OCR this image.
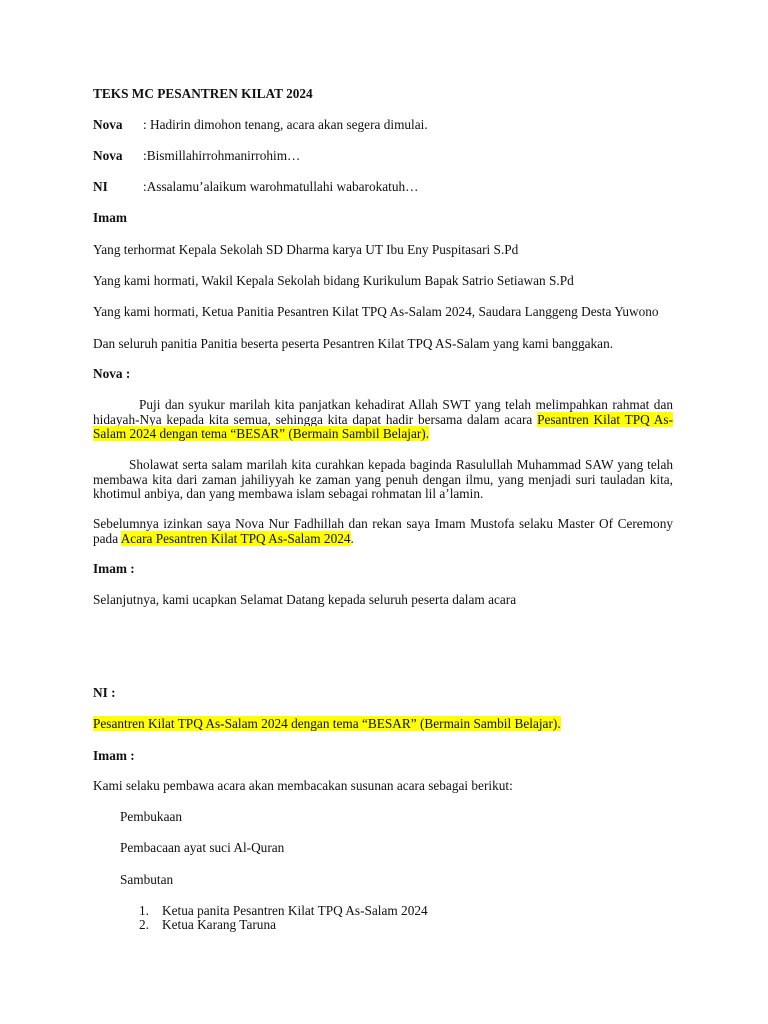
TEKS MC PESANTREN KILAT 2024
Nova : Hadirin dimohon tenang, acara akan segera dimulai.
Nova :Bismillahirrohmanirrohim…
NI	:Assalamu’alaikum warohmatullahi wabarokatuh…
Imam
Yang terhormat Kepala Sekolah SD Dharma karya UT Ibu Eny Puspitasari S.Pd
Yang kami hormati, Wakil Kepala Sekolah bidang Kurikulum Bapak Satrio Setiawan S.Pd
Yang kami hormati, Ketua Panitia Pesantren Kilat TPQ As-Salam 2024, Saudara Langgeng Desta Yuwono
Dan seluruh panitia Panitia beserta peserta Pesantren Kilat TPQ AS-Salam yang kami banggakan.
Nova :
Puji dan syukur marilah kita panjatkan kehadirat Allah SWT yang telah melimpahkan rahmat dan hidayah-Nya kepada kita semua, sehingga kita dapat hadir bersama dalam acara Pesantren Kilat TPQ As-Salam 2024 dengan tema “BESAR” (Bermain Sambil Belajar).
Sholawat serta salam marilah kita curahkan kepada baginda Rasulullah Muhammad SAW yang telah membawa kita dari zaman jahiliyyah ke zaman yang penuh dengan ilmu, yang menjadi suri tauladan kita, khotimul anbiya, dan yang membawa islam sebagai rohmatan lil a’lamin.
Sebelumnya izinkan saya Nova Nur Fadhillah dan rekan saya Imam Mustofa selaku Master Of Ceremony pada Acara Pesantren Kilat TPQ As-Salam 2024.
Imam :
Selanjutnya, kami ucapkan Selamat Datang kepada seluruh peserta dalam acara
NI :
Pesantren Kilat TPQ As-Salam 2024 dengan tema “BESAR” (Bermain Sambil Belajar).
Imam :
Kami selaku pembawa acara akan membacakan susunan acara sebagai berikut:
Pembukaan
Pembacaan ayat suci Al-Quran
Sambutan
1. Ketua panita Pesantren Kilat TPQ As-Salam 2024
2. Ketua Karang Taruna
